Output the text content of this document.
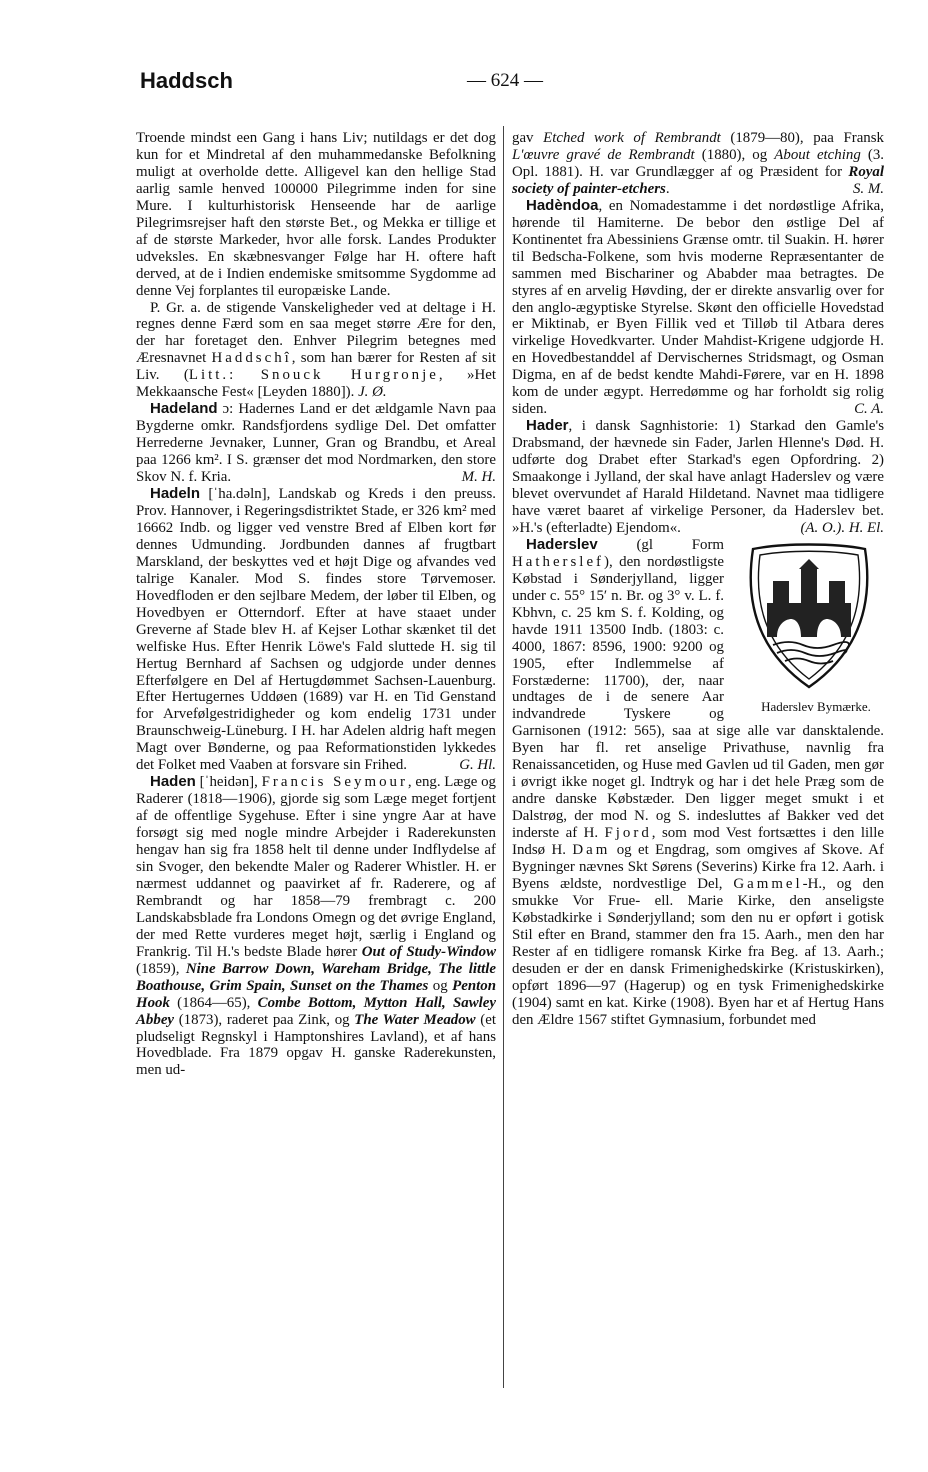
Haddsch	— 624 —

Troende mindst een Gang i hans Liv; nutildags er det dog kun for et Mindretal af den muhammedanske Befolkning muligt at overholde dette. Alligevel kan den hellige Stad aarlig samle henved 100000 Pilegrimme inden for sine Mure. I kulturhistorisk Henseende har de aarlige Pilegrimsrejser haft den største Bet., og Mekka er tillige et af de største Markeder, hvor alle forsk. Landes Produkter udveksles. En skæbnesvanger Følge har H. oftere haft derved, at de i Indien endemiske smitsomme Sygdomme ad denne Vej forplantes til europæiske Lande.

P. Gr. a. de stigende Vanskeligheder ved at deltage i H. regnes denne Færd som en saa meget større Ære for den, der har foretaget den. Enhver Pilegrim betegnes med Æresnavnet Haddschî, som han bærer for Resten af sit Liv. (Litt.: Snouck Hurgronje, »Het Mekkaansche Fest« [Leyden 1880]). J. Ø.

Hadeland ɔ: Hadernes Land er det ældgamle Navn paa Bygderne omkr. Randsfjordens sydlige Del. Det omfatter Herrederne Jevnaker, Lunner, Gran og Brandbu, et Areal paa 1266 km². I S. grænser det mod Nordmarken, den store Skov N. f. Kria.	M. H.

Hadeln [ˈha.dəln], Landskab og Kreds i den preuss. Prov. Hannover, i Regeringsdistriktet Stade, er 326 km² med 16662 Indb. og ligger ved venstre Bred af Elben kort før dennes Udmunding. Jordbunden dannes af frugtbart Marskland, der beskyttes ved et højt Dige og afvandes ved talrige Kanaler. Mod S. findes store Tørvemoser. Hovedfloden er den sejlbare Medem, der løber til Elben, og Hovedbyen er Otterndorf. Efter at have staaet under Greverne af Stade blev H. af Kejser Lothar skænket til det welfiske Hus. Efter Henrik Löwe's Fald sluttede H. sig til Hertug Bernhard af Sachsen og udgjorde under dennes Efterfølgere en Del af Hertugdømmet Sachsen-Lauenburg. Efter Hertugernes Uddøen (1689) var H. en Tid Genstand for Arvefølgestridigheder og kom endelig 1731 under Braunschweig-Lüneburg. I H. har Adelen aldrig haft megen Magt over Bønderne, og paa Reformationstiden lykkedes det Folket med Vaaben at forsvare sin Frihed.	G. Hl.

Haden [ˈheidən], Francis Seymour, eng. Læge og Raderer (1818—1906), gjorde sig som Læge meget fortjent af de offentlige Sygehuse. Efter i sine yngre Aar at have forsøgt sig med nogle mindre Arbejder i Raderekunsten hengav han sig fra 1858 helt til denne under Indflydelse af sin Svoger, den bekendte Maler og Raderer Whistler. H. er nærmest uddannet og paavirket af fr. Raderere, og af Rembrandt og har 1858—79 frembragt c. 200 Landskabsblade fra Londons Omegn og det øvrige England, der med Rette vurderes meget højt, særlig i England og Frankrig. Til H.'s bedste Blade hører Out of Study-Window (1859), Nine Barrow Down, Wareham Bridge, The little Boathouse, Grim Spain, Sunset on the Thames og Penton Hook (1864—65), Combe Bottom, Mytton Hall, Sawley Abbey (1873), raderet paa Zink, og The Water Meadow (et pludseligt Regnskyl i Hamptonshires Lavland), et af hans Hovedblade. Fra 1879 opgav H. ganske Raderekunsten, men ud-

gav Etched work of Rembrandt (1879—80), paa Fransk L'œuvre gravé de Rembrandt (1880), og About etching (3. Opl. 1881). H. var Grundlægger af og Præsident for Royal society of painter-etchers.	S. M.

Hadèndoa, en Nomadestamme i det nordøstlige Afrika, hørende til Hamiterne. De bebor den østlige Del af Kontinentet fra Abessiniens Grænse omtr. til Suakin. H. hører til Bedscha-Folkene, som hvis moderne Repræsentanter de sammen med Bischariner og Ababder maa betragtes. De styres af en arvelig Høvding, der er direkte ansvarlig over for den anglo-ægyptiske Styrelse. Skønt den officielle Hovedstad er Miktinab, er Byen Fillik ved et Tilløb til Atbara deres virkelige Hovedkvarter. Under Mahdist-Krigene udgjorde H. en Hovedbestanddel af Dervischernes Stridsmagt, og Osman Digma, en af de bedst kendte Mahdi-Førere, var en H. 1898 kom de under ægypt. Herredømme og har forholdt sig rolig siden.	C. A.

Hader, i dansk Sagnhistorie: 1) Starkad den Gamle's Drabsmand, der hævnede sin Fader, Jarlen Hlenne's Død. H. udførte dog Drabet efter Starkad's egen Opfordring. 2) Smaakonge i Jylland, der skal have anlagt Haderslev og være blevet overvundet af Harald Hildetand. Navnet maa tidligere have været baaret af virkelige Personer, da Haderslev bet. »H.'s (efterladte) Ejendom«.	(A. O.). H. El.

Haderslev Bymærke.
Haderslev (gl Form Hatherslef), den nordøstligste Købstad i Sønderjylland, ligger under c. 55° 15′ n. Br. og 3° v. L. f. Kbhvn, c. 25 km S. f. Kolding, og havde 1911 13500 Indb. (1803: c. 4000, 1867: 8596, 1900: 9200 og 1905, efter Indlemmelse af Forstæderne: 11700), der, naar undtages de i de senere Aar indvandrede Tyskere og Garnisonen (1912: 565), saa at sige alle var dansktalende. Byen har fl. ret anselige Privathuse, navnlig fra Renaissancetiden, og Huse med Gavlen ud til Gaden, men gør i øvrigt ikke noget gl. Indtryk og har i det hele Præg som de andre danske Købstæder. Den ligger meget smukt i et Dalstrøg, der mod N. og S. indesluttes af Bakker ved det inderste af H. Fjord, som mod Vest fortsættes i den lille Indsø H. Dam og et Engdrag, som omgives af Skove. Af Bygninger nævnes Skt Sørens (Severins) Kirke fra 12. Aarh. i Byens ældste, nordvestlige Del, Gammel-H., og den smukke Vor Frue- ell. Marie Kirke, den anseligste Købstadkirke i Sønderjylland; som den nu er opført i gotisk Stil efter en Brand, stammer den fra 15. Aarh., men den har Rester af en tidligere romansk Kirke fra Beg. af 13. Aarh.; desuden er der en dansk Frimenighedskirke (Kristuskirken), opført 1896—97 (Hagerup) og en tysk Frimenighedskirke (1904) samt en kat. Kirke (1908). Byen har et af Hertug Hans den Ældre 1567 stiftet Gymnasium, forbundet med
